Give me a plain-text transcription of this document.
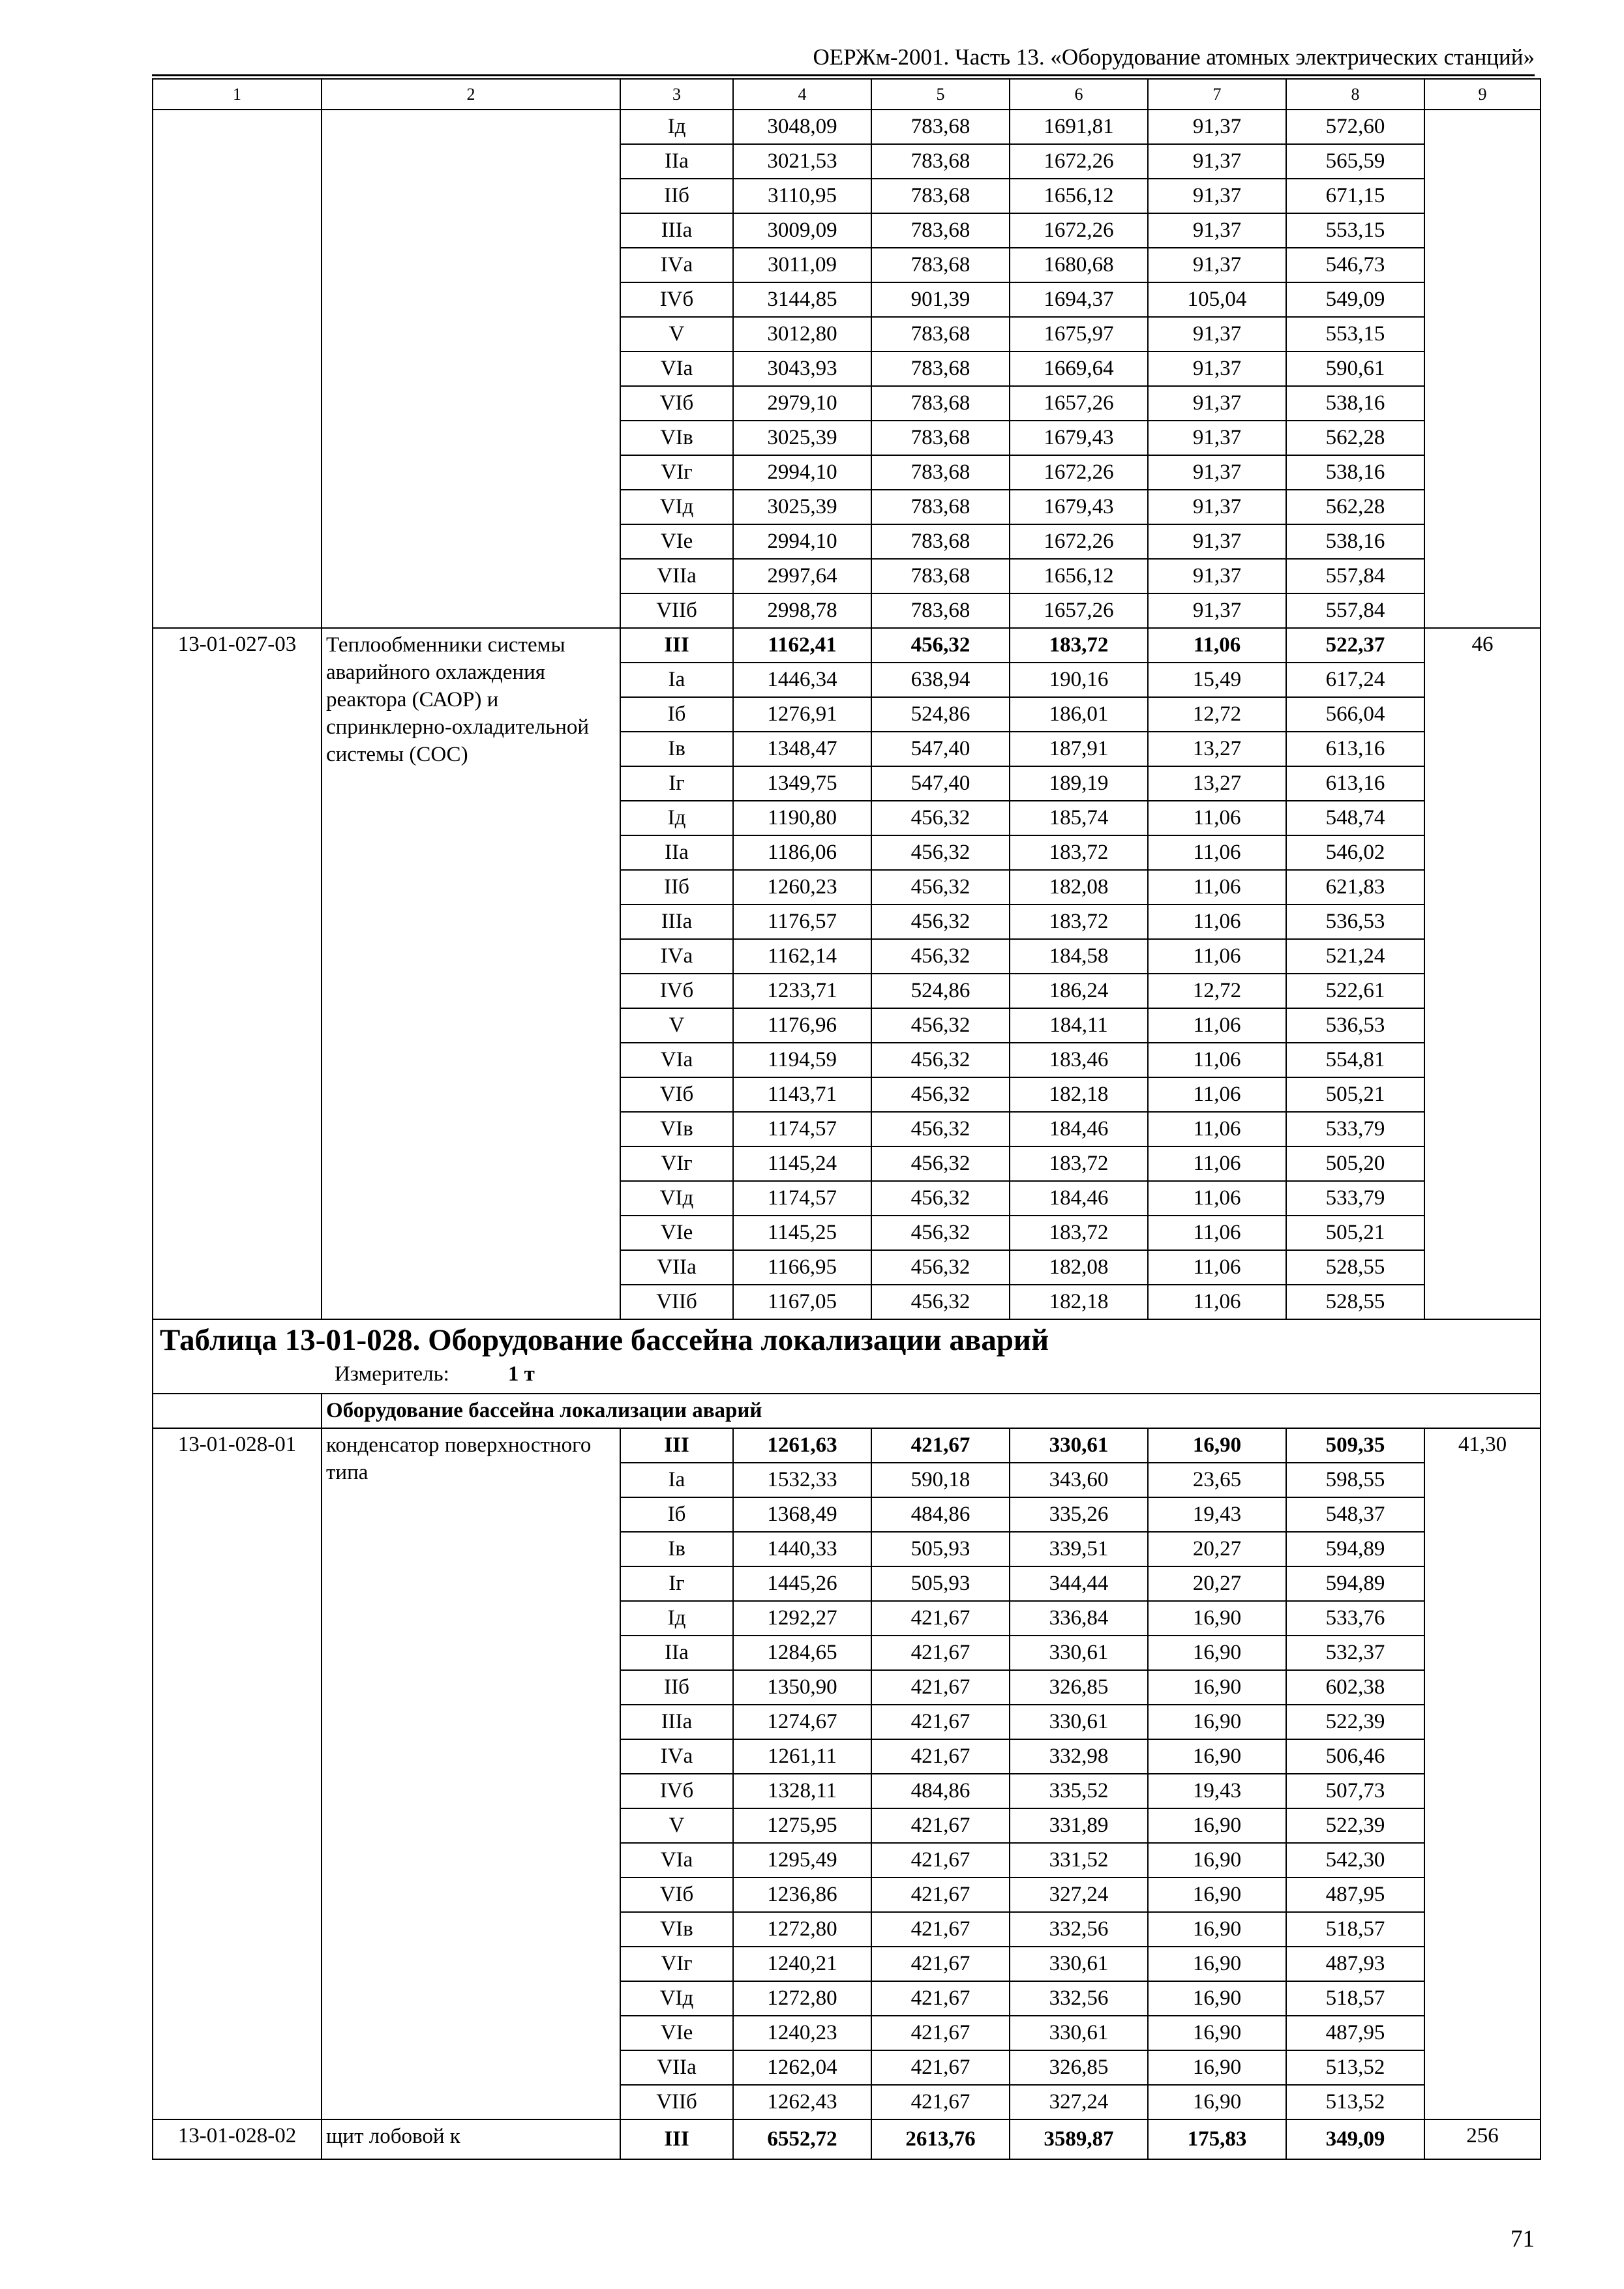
ОЕРЖм-2001. Часть 13. «Оборудование атомных электрических станций»
1	2	3	4	5	6	7	8	9
		Iд	3048,09	783,68	1691,81	91,37	572,60	
		IIа	3021,53	783,68	1672,26	91,37	565,59	
		IIб	3110,95	783,68	1656,12	91,37	671,15	
		IIIа	3009,09	783,68	1672,26	91,37	553,15	
		IVа	3011,09	783,68	1680,68	91,37	546,73	
		IVб	3144,85	901,39	1694,37	105,04	549,09	
		V	3012,80	783,68	1675,97	91,37	553,15	
		VIа	3043,93	783,68	1669,64	91,37	590,61	
		VIб	2979,10	783,68	1657,26	91,37	538,16	
		VIв	3025,39	783,68	1679,43	91,37	562,28	
		VIг	2994,10	783,68	1672,26	91,37	538,16	
		VIд	3025,39	783,68	1679,43	91,37	562,28	
		VIе	2994,10	783,68	1672,26	91,37	538,16	
		VIIа	2997,64	783,68	1656,12	91,37	557,84	
		VIIб	2998,78	783,68	1657,26	91,37	557,84	
13-01-027-03	Теплообменники системы аварийного охлаждения реактора (САОР) и спринклерно-охладительной системы (СОС)	III	1162,41	456,32	183,72	11,06	522,37	46
		Iа	1446,34	638,94	190,16	15,49	617,24	
		Iб	1276,91	524,86	186,01	12,72	566,04	
		Iв	1348,47	547,40	187,91	13,27	613,16	
		Iг	1349,75	547,40	189,19	13,27	613,16	
		Iд	1190,80	456,32	185,74	11,06	548,74	
		IIа	1186,06	456,32	183,72	11,06	546,02	
		IIб	1260,23	456,32	182,08	11,06	621,83	
		IIIа	1176,57	456,32	183,72	11,06	536,53	
		IVа	1162,14	456,32	184,58	11,06	521,24	
		IVб	1233,71	524,86	186,24	12,72	522,61	
		V	1176,96	456,32	184,11	11,06	536,53	
		VIа	1194,59	456,32	183,46	11,06	554,81	
		VIб	1143,71	456,32	182,18	11,06	505,21	
		VIв	1174,57	456,32	184,46	11,06	533,79	
		VIг	1145,24	456,32	183,72	11,06	505,20	
		VIд	1174,57	456,32	184,46	11,06	533,79	
		VIе	1145,25	456,32	183,72	11,06	505,21	
		VIIа	1166,95	456,32	182,08	11,06	528,55	
		VIIб	1167,05	456,32	182,18	11,06	528,55	

Таблица 13-01-028. Оборудование бассейна локализации аварий
Измеритель: 1 т								

	Оборудование бассейна локализации аварий							
13-01-028-01	конденсатор поверхностного типа	III	1261,63	421,67	330,61	16,90	509,35	41,30
		Iа	1532,33	590,18	343,60	23,65	598,55	
		Iб	1368,49	484,86	335,26	19,43	548,37	
		Iв	1440,33	505,93	339,51	20,27	594,89	
		Iг	1445,26	505,93	344,44	20,27	594,89	
		Iд	1292,27	421,67	336,84	16,90	533,76	
		IIа	1284,65	421,67	330,61	16,90	532,37	
		IIб	1350,90	421,67	326,85	16,90	602,38	
		IIIа	1274,67	421,67	330,61	16,90	522,39	
		IVа	1261,11	421,67	332,98	16,90	506,46	
		IVб	1328,11	484,86	335,52	19,43	507,73	
		V	1275,95	421,67	331,89	16,90	522,39	
		VIа	1295,49	421,67	331,52	16,90	542,30	
		VIб	1236,86	421,67	327,24	16,90	487,95	
		VIв	1272,80	421,67	332,56	16,90	518,57	
		VIг	1240,21	421,67	330,61	16,90	487,93	
		VIд	1272,80	421,67	332,56	16,90	518,57	
		VIе	1240,23	421,67	330,61	16,90	487,95	
		VIIа	1262,04	421,67	326,85	16,90	513,52	
		VIIб	1262,43	421,67	327,24	16,90	513,52	
13-01-028-02	щит лобовой к	III	6552,72	2613,76	3589,87	175,83	349,09	256
71
